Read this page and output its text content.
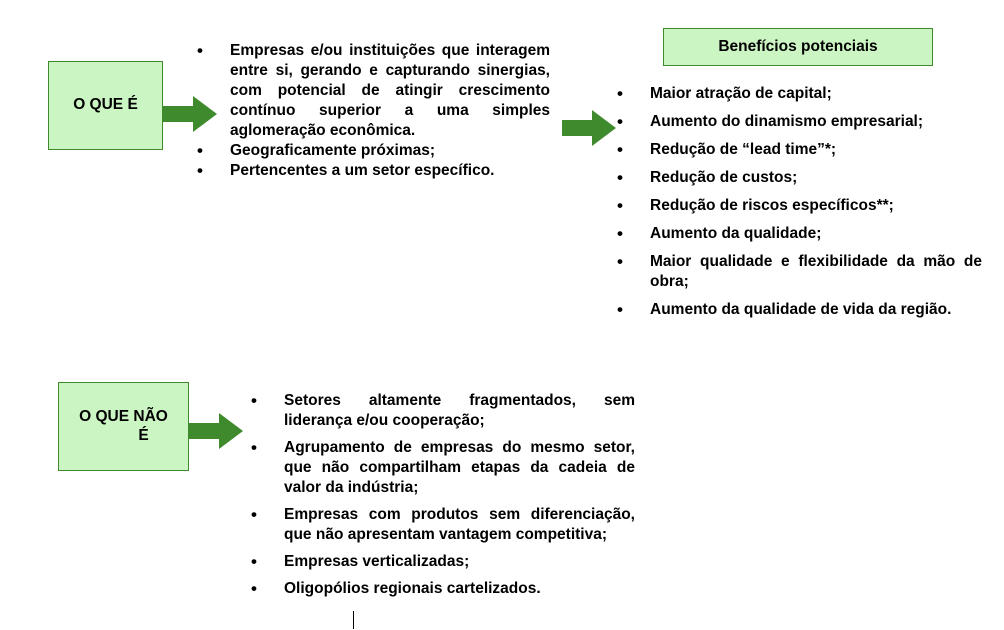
O QUE É
• Empresas e/ou instituições que interagem entre si, gerando e capturando sinergias, com potencial de atingir crescimento contínuo superior a uma simples aglomeração econômica.
• Geograficamente próximas;
• Pertencentes a um setor específico.
Benefícios potenciais
• Maior atração de capital;
• Aumento do dinamismo empresarial;
• Redução de “lead time”*;
• Redução de custos;
• Redução de riscos específicos**;
• Aumento da qualidade;
• Maior qualidade e flexibilidade da mão de obra;
• Aumento da qualidade de vida da região.
O QUE NÃO
É
• Setores altamente fragmentados, sem liderança e/ou cooperação;
• Agrupamento de empresas do mesmo setor, que não compartilham etapas da cadeia de valor da indústria;
• Empresas com produtos sem diferenciação, que não apresentam vantagem competitiva;
• Empresas verticalizadas;
• Oligopólios regionais cartelizados.
